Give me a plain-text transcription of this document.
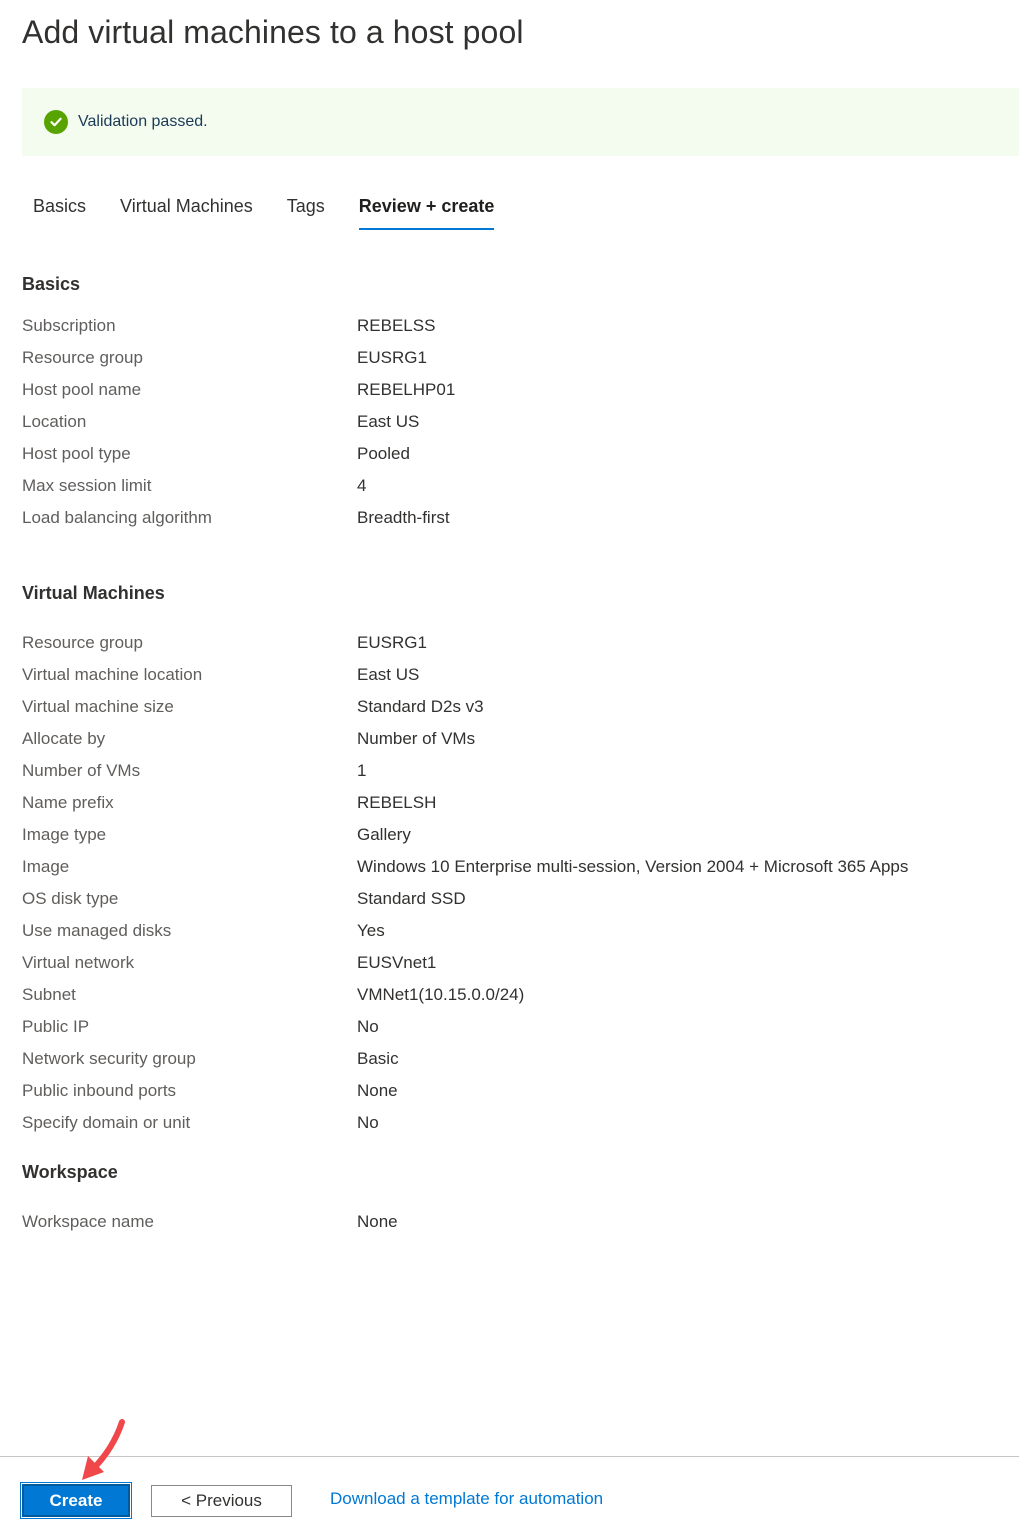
Add virtual machines to a host pool
Validation passed.
Basics	Virtual Machines	Tags	Review + create
Basics
Subscription	REBELSS
Resource group	EUSRG1
Host pool name	REBELHP01
Location	East US
Host pool type	Pooled
Max session limit	4
Load balancing algorithm	Breadth-first
Virtual Machines
Resource group	EUSRG1
Virtual machine location	East US
Virtual machine size	Standard D2s v3
Allocate by	Number of VMs
Number of VMs	1
Name prefix	REBELSH
Image type	Gallery
Image	Windows 10 Enterprise multi-session, Version 2004 + Microsoft 365 Apps
OS disk type	Standard SSD
Use managed disks	Yes
Virtual network	EUSVnet1
Subnet	VMNet1(10.15.0.0/24)
Public IP	No
Network security group	Basic
Public inbound ports	None
Specify domain or unit	No
Workspace
Workspace name	None
Create	< Previous	Download a template for automation
